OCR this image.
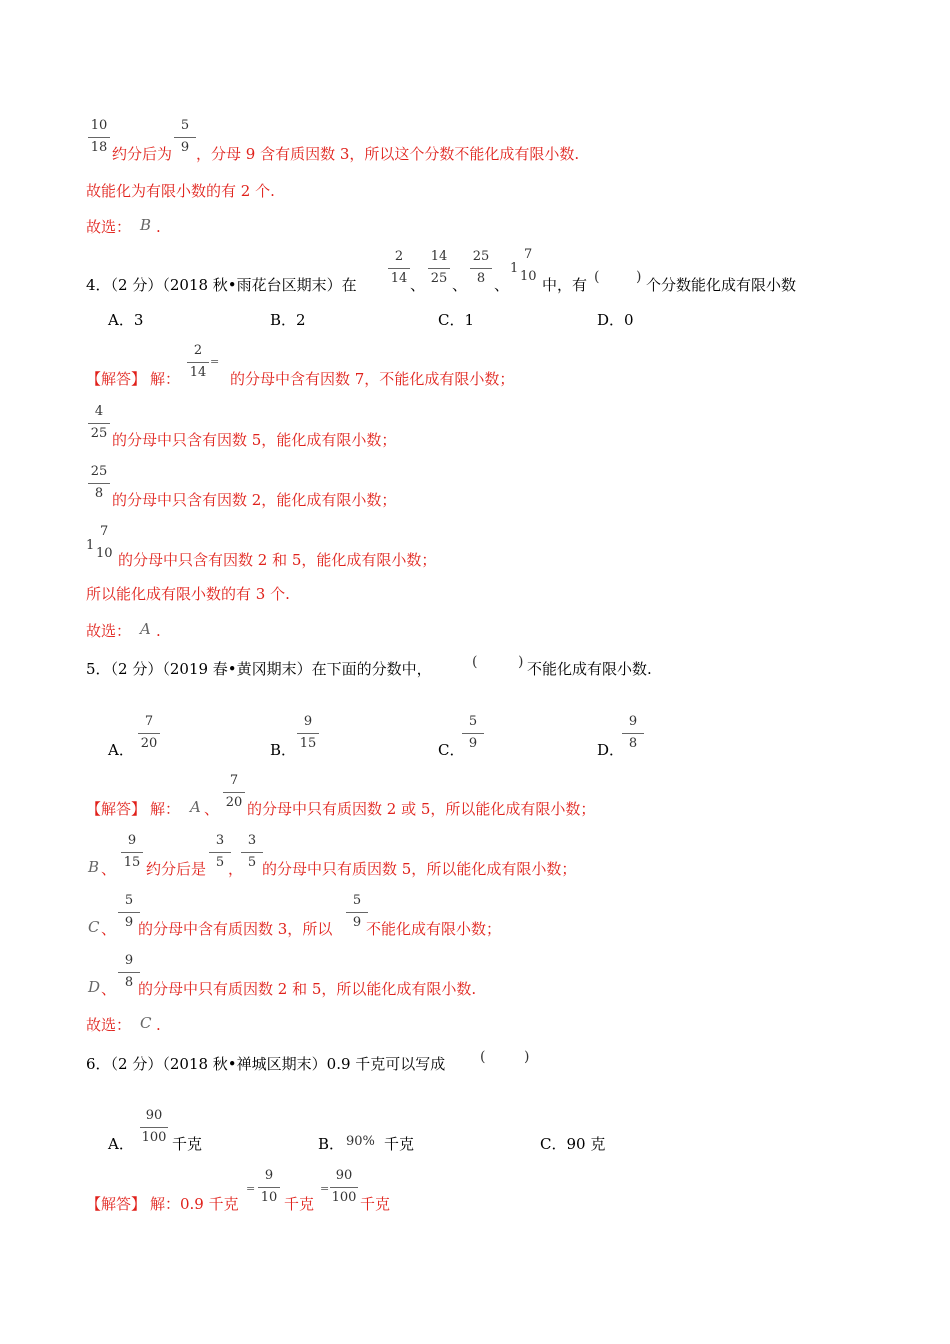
10
18 约分后为
5
9 ，分母 9 含有质因数 3，所以这个分数不能化成有限小数.
故能化为有限小数的有 2 个.
故选： B .
4．（2 分）（2018 秋•雨花台区期末）在
2
14 、
14
25 、
25
8 、
1
7
10 中，有 (	) 个分数能化成有限小数
A．3	B．2	C．1	D．0
【解答】 解：
2
14
=
的分母中含有因数 7，不能化成有限小数；
4
25 的分母中只含有因数 5，能化成有限小数；
25
8 的分母中只含有因数 2，能化成有限小数；
1
7
10 的分母中只含有因数 2 和 5，能化成有限小数；
所以能化成有限小数的有 3 个.
故选： A .
5．（2 分）（2019 春•黄冈期末）在下面的分数中，	(	) 不能化成有限小数.
A．
7
20	B．
9
15	C．
5
9	D．
9
8
【解答】 解： A 、
7
20 的分母中只有质因数 2 或 5，所以能化成有限小数；
B 、
9
15 约分后是
3
5 ，
3
5 的分母中只有质因数 5，所以能化成有限小数；
C 、
5
9 的分母中含有质因数 3，所以
5
9 不能化成有限小数；
D 、
9
8 的分母中只有质因数 2 和 5，所以能化成有限小数.
故选： C .
6．（2 分）（2018 秋•禅城区期末）0.9 千克可以写成 (	)
A．
90
100 千克	B． 90% 千克	C．90 克
【解答】 解：0.9 千克
=
9
10 千克
=
90
100 千克
